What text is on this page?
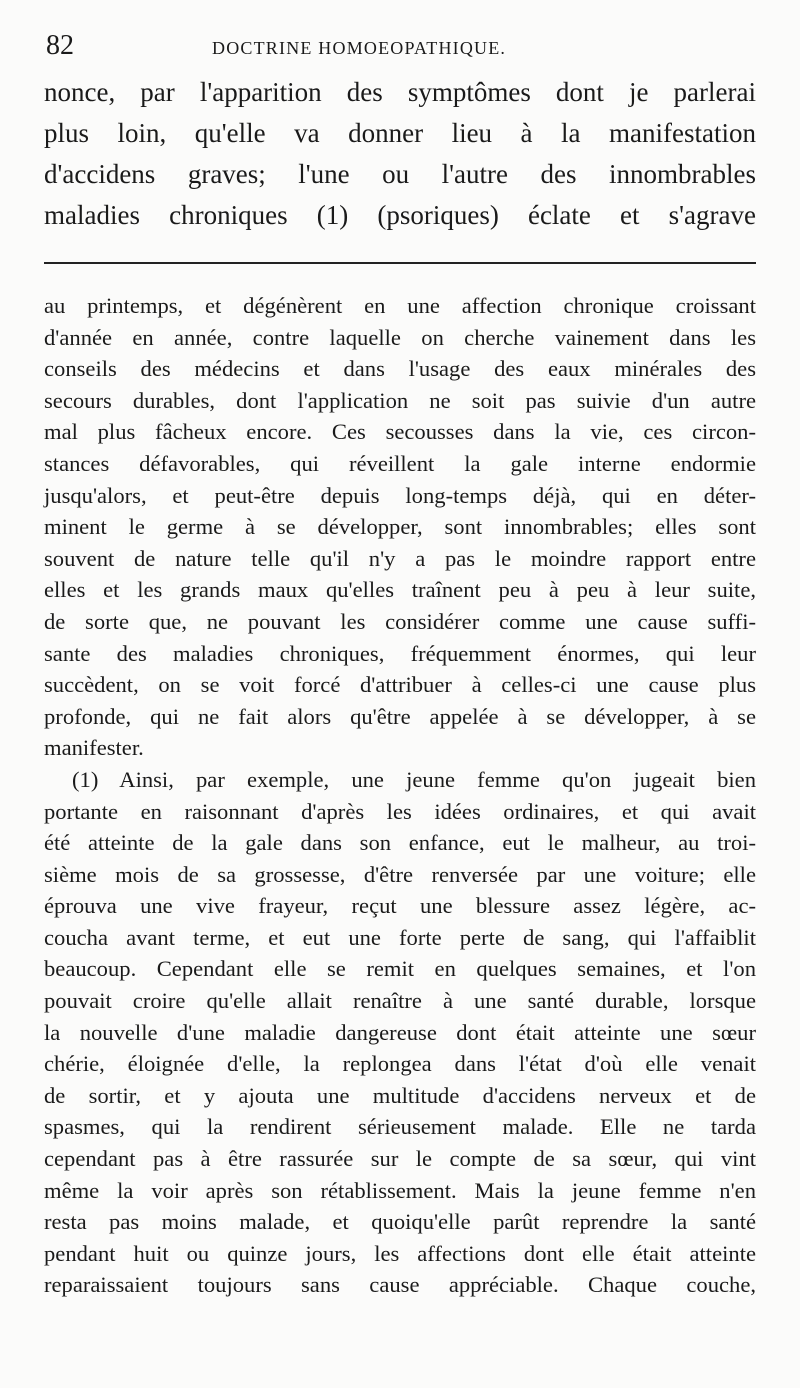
82	DOCTRINE HOMOEOPATHIQUE.
nonce, par l'apparition des symptômes dont je parlerai
plus loin, qu'elle va donner lieu à la manifestation
d'accidens graves; l'une ou l'autre des innombrables
maladies chroniques (1) (psoriques) éclate et s'agrave
au printemps, et dégénèrent en une affection chronique croissant
d'année en année, contre laquelle on cherche vainement dans les
conseils des médecins et dans l'usage des eaux minérales des
secours durables, dont l'application ne soit pas suivie d'un autre
mal plus fâcheux encore. Ces secousses dans la vie, ces circon-
stances défavorables, qui réveillent la gale interne endormie
jusqu'alors, et peut-être depuis long-temps déjà, qui en déter-
minent le germe à se développer, sont innombrables; elles sont
souvent de nature telle qu'il n'y a pas le moindre rapport entre
elles et les grands maux qu'elles traînent peu à peu à leur suite,
de sorte que, ne pouvant les considérer comme une cause suffi-
sante des maladies chroniques, fréquemment énormes, qui leur
succèdent, on se voit forcé d'attribuer à celles-ci une cause plus
profonde, qui ne fait alors qu'être appelée à se développer, à se
manifester.
(1) Ainsi, par exemple, une jeune femme qu'on jugeait bien
portante en raisonnant d'après les idées ordinaires, et qui avait
été atteinte de la gale dans son enfance, eut le malheur, au troi-
sième mois de sa grossesse, d'être renversée par une voiture; elle
éprouva une vive frayeur, reçut une blessure assez légère, ac-
coucha avant terme, et eut une forte perte de sang, qui l'affaiblit
beaucoup. Cependant elle se remit en quelques semaines, et l'on
pouvait croire qu'elle allait renaître à une santé durable, lorsque
la nouvelle d'une maladie dangereuse dont était atteinte une sœur
chérie, éloignée d'elle, la replongea dans l'état d'où elle venait
de sortir, et y ajouta une multitude d'accidens nerveux et de
spasmes, qui la rendirent sérieusement malade. Elle ne tarda
cependant pas à être rassurée sur le compte de sa sœur, qui vint
même la voir après son rétablissement. Mais la jeune femme n'en
resta pas moins malade, et quoiqu'elle parût reprendre la santé
pendant huit ou quinze jours, les affections dont elle était atteinte
reparaissaient toujours sans cause appréciable. Chaque couche,
